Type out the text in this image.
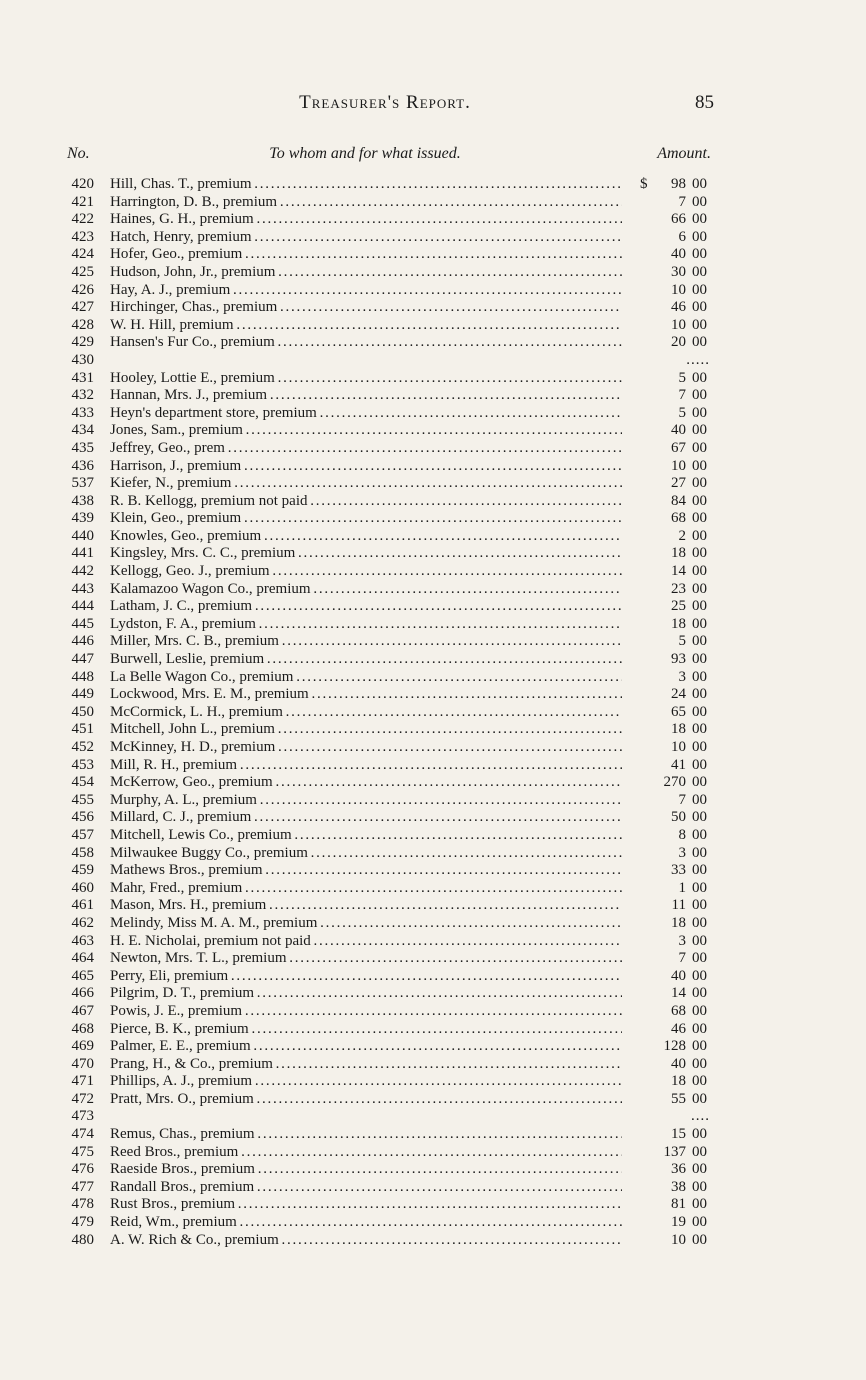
Treasurer's Report.	85
No.	To whom and for what issued.	Amount.
420 Hill, Chas. T., premium . . .	$	98 00
421 Harrington, D. B., premium . . .	7 00
422 Haines, G. H., premium . . .	66 00
423 Hatch, Henry, premium . . .	6 00
424 Hofer, Geo., premium . . .	40 00
425 Hudson, John, Jr., premium . . .	30 00
426 Hay, A. J., premium . . .	10 00
427 Hirchinger, Chas., premium . . .	46 00
428 W. H. Hill, premium . . .	10 00
429 Hansen's Fur Co., premium . . .	20 00
430	.....
431 Hooley, Lottie E., premium . . .	5 00
432 Hannan, Mrs. J., premium . . .	7 00
433 Heyn's department store, premium . . .	5 00
434 Jones, Sam., premium . . .	40 00
435 Jeffrey, Geo., prem . . .	67 00
436 Harrison, J., premium . . .	10 00
537 Kiefer, N., premium . . .	27 00
438 R. B. Kellogg, premium not paid . . .	84 00
439 Klein, Geo., premium . . .	68 00
440 Knowles, Geo., premium . . .	2 00
441 Kingsley, Mrs. C. C., premium . . .	18 00
442 Kellogg, Geo. J., premium . . .	14 00
443 Kalamazoo Wagon Co., premium . . .	23 00
444 Latham, J. C., premium . . .	25 00
445 Lydston, F. A., premium . . .	18 00
446 Miller, Mrs. C. B., premium . . .	5 00
447 Burwell, Leslie, premium . . .	93 00
448 La Belle Wagon Co., premium . . .	3 00
449 Lockwood, Mrs. E. M., premium . . .	24 00
450 McCormick, L. H., premium . . .	65 00
451 Mitchell, John L., premium . . .	18 00
452 McKinney, H. D., premium . . .	10 00
453 Mill, R. H., premium . . .	41 00
454 McKerrow, Geo., premium . . .	270 00
455 Murphy, A. L., premium . . .	7 00
456 Millard, C. J., premium . . .	50 00
457 Mitchell, Lewis Co., premium . . .	8 00
458 Milwaukee Buggy Co., premium . . .	3 00
459 Mathews Bros., premium . . .	33 00
460 Mahr, Fred., premium . . .	1 00
461 Mason, Mrs. H., premium . . .	11 00
462 Melindy, Miss M. A. M., premium . . .	18 00
463 H. E. Nicholai, premium not paid . . .	3 00
464 Newton, Mrs. T. L., premium . . .	7 00
465 Perry, Eli, premium . . .	40 00
466 Pilgrim, D. T., premium . . .	14 00
467 Powis, J. E., premium . . .	68 00
468 Pierce, B. K., premium . . .	46 00
469 Palmer, E. E., premium . . .	128 00
470 Prang, H., & Co., premium . . .	40 00
471 Phillips, A. J., premium . . .	18 00
472 Pratt, Mrs. O., premium . . .	55 00
473	....
474 Remus, Chas., premium . . .	15 00
475 Reed Bros., premium . . .	137 00
476 Raeside Bros., premium . . .	36 00
477 Randall Bros., premium . . .	38 00
478 Rust Bros., premium . . .	81 00
479 Reid, Wm., premium . . .	19 00
480 A. W. Rich & Co., premium . . .	10 00
